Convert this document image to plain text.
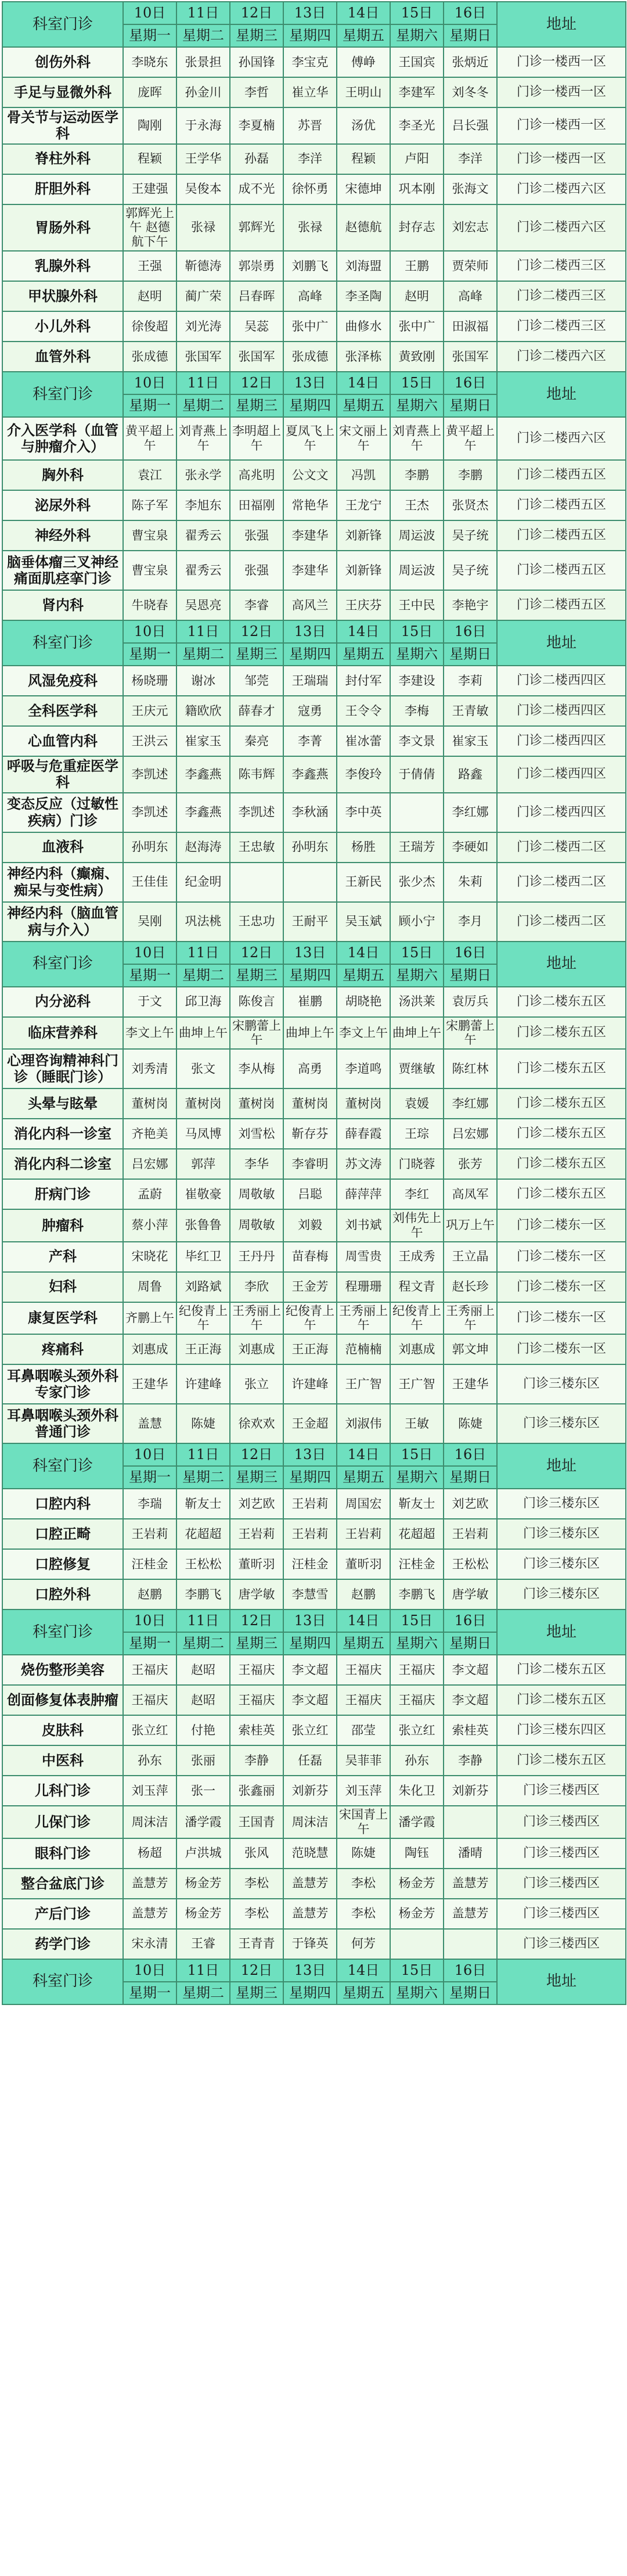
科室门诊	10日	11日	12日	13日	14日	15日	16日	地址
	星期一	星期二	星期三	星期四	星期五	星期六	星期日	
创伤外科	李晓东	张景担	孙国锋	李宝克	傅峥	王国宾	张炳近	门诊一楼西一区
手足与显微外科	庞晖	孙金川	李哲	崔立华	王明山	李建军	刘冬冬	门诊一楼西一区
骨关节与运动医学科	陶刚	于永海	李夏楠	苏晋	汤优	李圣光	吕长强	门诊一楼西一区
脊柱外科	程颖	王学华	孙磊	李洋	程颖	卢阳	李洋	门诊一楼西一区
肝胆外科	王建强	吴俊本	成不光	徐怀勇	宋德坤	巩本刚	张海文	门诊二楼西六区
胃肠外科	郭辉光上午 赵德航下午	张禄	郭辉光	张禄	赵德航	封存志	刘宏志	门诊二楼西六区
乳腺外科	王强	靳德涛	郭崇勇	刘鹏飞	刘海盟	王鹏	贾荣师	门诊二楼西三区
甲状腺外科	赵明	蔺广荣	吕春晖	高峰	李圣陶	赵明	高峰	门诊二楼西三区
小儿外科	徐俊超	刘光涛	吴蕊	张中广	曲修水	张中广	田淑福	门诊二楼西三区
血管外科	张成德	张国军	张国军	张成德	张泽栋	黄致刚	张国军	门诊二楼西六区
科室门诊	10日	11日	12日	13日	14日	15日	16日	地址
	星期一	星期二	星期三	星期四	星期五	星期六	星期日	
介入医学科（血管与肿瘤介入）	黄平超上午	刘青燕上午	李明超上午	夏凤飞上午	宋文丽上午	刘青燕上午	黄平超上午	门诊二楼西六区
胸外科	袁江	张永学	高兆明	公文文	冯凯	李鹏	李鹏	门诊二楼西五区
泌尿外科	陈子军	李旭东	田福刚	常艳华	王龙宁	王杰	张贤杰	门诊二楼西五区
神经外科	曹宝泉	翟秀云	张强	李建华	刘新锋	周运波	吴子统	门诊二楼西五区
脑垂体瘤三叉神经痛面肌痉挛门诊	曹宝泉	翟秀云	张强	李建华	刘新锋	周运波	吴子统	门诊二楼西五区
肾内科	牛晓春	吴恩亮	李睿	高风兰	王庆芬	王中民	李艳宇	门诊二楼西五区
科室门诊	10日	11日	12日	13日	14日	15日	16日	地址
	星期一	星期二	星期三	星期四	星期五	星期六	星期日	
风湿免疫科	杨晓珊	谢冰	邹莞	王瑞瑞	封付军	李建设	李莉	门诊二楼西四区
全科医学科	王庆元	籍欧欣	薛春才	寇勇	王令令	李梅	王青敏	门诊二楼西四区
心血管内科	王洪云	崔家玉	秦亮	李菁	崔冰蕾	李文景	崔家玉	门诊二楼西四区
呼吸与危重症医学科	李凯述	李鑫燕	陈韦辉	李鑫燕	李俊玲	于倩倩	路鑫	门诊二楼西四区
变态反应（过敏性疾病）门诊	李凯述	李鑫燕	李凯述	李秋涵	李中英		李红娜	门诊二楼西四区
血液科	孙明东	赵海涛	王忠敏	孙明东	杨胜	王瑞芳	李硬如	门诊二楼西二区
神经内科（癫痫、痴呆与变性病）	王佳佳	纪金明			王新民	张少杰	朱莉	门诊二楼西二区
神经内科（脑血管病与介入）	吴刚	巩法桃	王忠功	王耐平	吴玉斌	顾小宁	李月	门诊二楼西二区
科室门诊	10日	11日	12日	13日	14日	15日	16日	地址
	星期一	星期二	星期三	星期四	星期五	星期六	星期日	
内分泌科	于文	邱卫海	陈俊言	崔鹏	胡晓艳	汤洪莱	袁厉兵	门诊二楼东五区
临床营养科	李文上午	曲坤上午	宋鹏蕾上午	曲坤上午	李文上午	曲坤上午	宋鹏蕾上午	门诊二楼东五区
心理咨询精神科门诊（睡眠门诊）	刘秀清	张文	李从梅	高勇	李道鸣	贾继敏	陈红林	门诊二楼东五区
头晕与眩晕	董树岗	董树岗	董树岗	董树岗	董树岗	袁媛	李红娜	门诊二楼东五区
消化内科一诊室	齐艳美	马凤博	刘雪松	靳存芬	薛春霞	王琮	吕宏娜	门诊二楼东五区
消化内科二诊室	吕宏娜	郭萍	李华	李睿明	苏文涛	门晓蓉	张芳	门诊二楼东五区
肝病门诊	孟蔚	崔敬豪	周敬敏	吕聪	薛萍萍	李红	高凤军	门诊二楼东五区
肿瘤科	蔡小萍	张鲁鲁	周敬敏	刘毅	刘书斌	刘伟先上午	巩万上午	门诊二楼东一区
产科	宋晓花	毕红卫	王丹丹	苗春梅	周雪贵	王成秀	王立晶	门诊二楼东一区
妇科	周鲁	刘路斌	李欣	王金芳	程珊珊	程文青	赵长珍	门诊二楼东一区
康复医学科	齐鹏上午	纪俊青上午	王秀丽上午	纪俊青上午	王秀丽上午	纪俊青上午	王秀丽上午	门诊二楼东一区
疼痛科	刘惠成	王正海	刘惠成	王正海	范楠楠	刘惠成	郭文坤	门诊二楼东一区
耳鼻咽喉头颈外科专家门诊	王建华	许建峰	张立	许建峰	王广智	王广智	王建华	门诊三楼东区
耳鼻咽喉头颈外科普通门诊	盖慧	陈婕	徐欢欢	王金超	刘淑伟	王敏	陈婕	门诊三楼东区
科室门诊	10日	11日	12日	13日	14日	15日	16日	地址
	星期一	星期二	星期三	星期四	星期五	星期六	星期日	
口腔内科	李瑞	靳友士	刘艺欧	王岩莉	周国宏	靳友士	刘艺欧	门诊三楼东区
口腔正畸	王岩莉	花超超	王岩莉	王岩莉	王岩莉	花超超	王岩莉	门诊三楼东区
口腔修复	汪桂金	王松松	董昕羽	汪桂金	董昕羽	汪桂金	王松松	门诊三楼东区
口腔外科	赵鹏	李鹏飞	唐学敏	李慧雪	赵鹏	李鹏飞	唐学敏	门诊三楼东区
科室门诊	10日	11日	12日	13日	14日	15日	16日	地址
	星期一	星期二	星期三	星期四	星期五	星期六	星期日	
烧伤整形美容	王福庆	赵昭	王福庆	李文超	王福庆	王福庆	李文超	门诊二楼东五区
创面修复体表肿瘤	王福庆	赵昭	王福庆	李文超	王福庆	王福庆	李文超	门诊二楼东五区
皮肤科	张立红	付艳	索桂英	张立红	邵莹	张立红	索桂英	门诊三楼东四区
中医科	孙东	张丽	李静	任磊	吴菲菲	孙东	李静	门诊二楼东五区
儿科门诊	刘玉萍	张一	张鑫丽	刘新芬	刘玉萍	朱化卫	刘新芬	门诊三楼西区
儿保门诊	周沫洁	潘学霞	王国青	周沫洁	宋国青上午	潘学霞		门诊三楼西区
眼科门诊	杨超	卢洪城	张风	范晓慧	陈婕	陶钰	潘晴	门诊三楼西区
整合盆底门诊	盖慧芳	杨金芳	李松	盖慧芳	李松	杨金芳	盖慧芳	门诊三楼西区
产后门诊	盖慧芳	杨金芳	李松	盖慧芳	李松	杨金芳	盖慧芳	门诊三楼西区
药学门诊	宋永清	王睿	王青青	于锋英	何芳			门诊三楼西区
科室门诊	10日	11日	12日	13日	14日	15日	16日	地址
	星期一	星期二	星期三	星期四	星期五	星期六	星期日	
